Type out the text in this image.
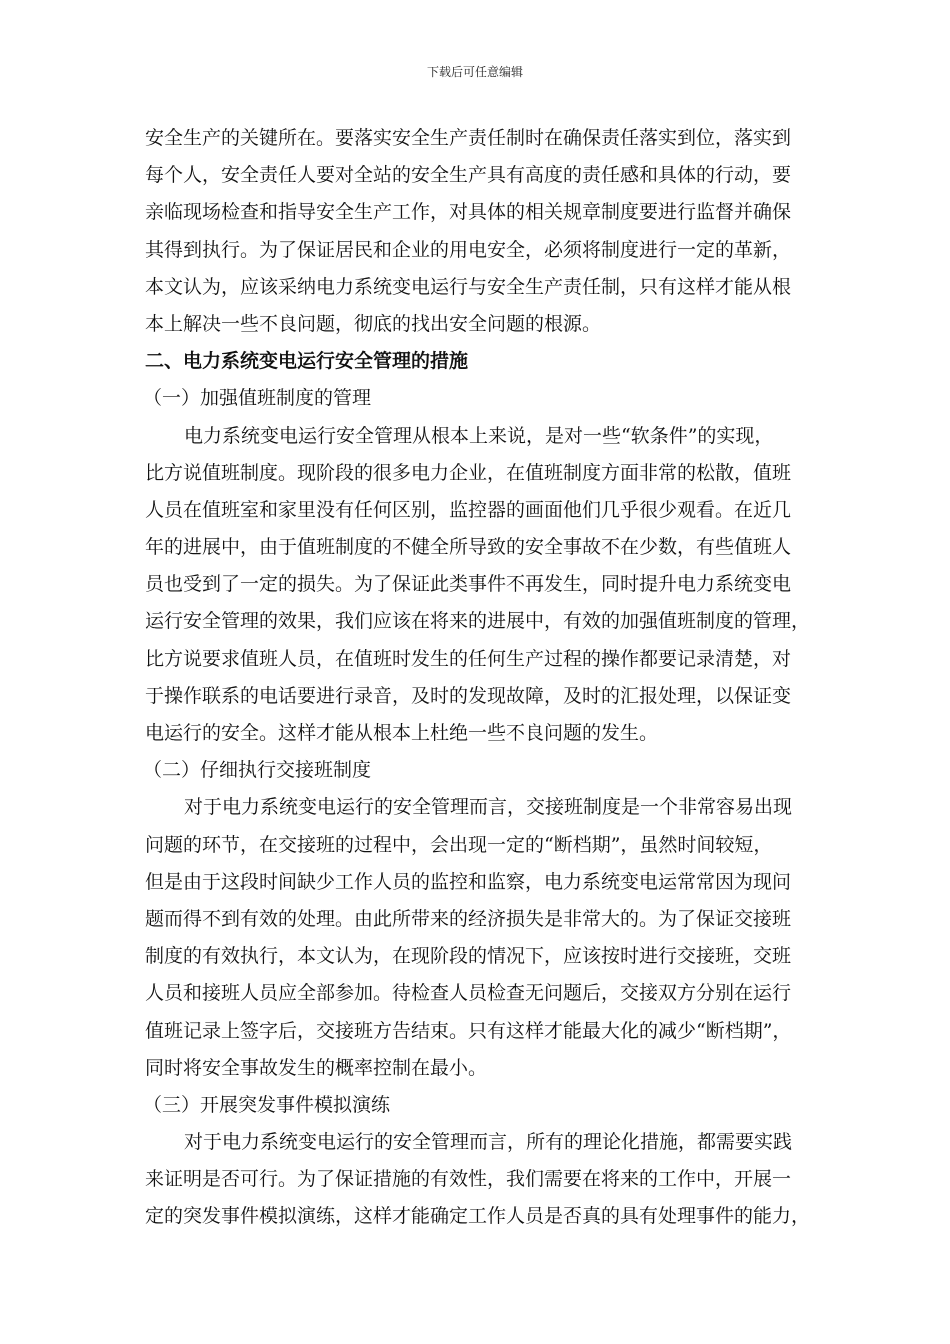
下载后可任意编辑
安全生产的关键所在。要落实安全生产责任制时在确保责任落实到位，落实到
每个人，安全责任人要对全站的安全生产具有高度的责任感和具体的行动，要
亲临现场检查和指导安全生产工作，对具体的相关规章制度要进行监督并确保
其得到执行。为了保证居民和企业的用电安全，必须将制度进行一定的革新，
本文认为，应该采纳电力系统变电运行与安全生产责任制，只有这样才能从根
本上解决一些不良问题，彻底的找出安全问题的根源。
二、电力系统变电运行安全管理的措施
（一）加强值班制度的管理
电力系统变电运行安全管理从根本上来说，是对一些“软条件”的实现，
比方说值班制度。现阶段的很多电力企业，在值班制度方面非常的松散，值班
人员在值班室和家里没有任何区别，监控器的画面他们几乎很少观看。在近几
年的进展中，由于值班制度的不健全所导致的安全事故不在少数，有些值班人
员也受到了一定的损失。为了保证此类事件不再发生，同时提升电力系统变电
运行安全管理的效果，我们应该在将来的进展中，有效的加强值班制度的管理，
比方说要求值班人员，在值班时发生的任何生产过程的操作都要记录清楚，对
于操作联系的电话要进行录音，及时的发现故障，及时的汇报处理，以保证变
电运行的安全。这样才能从根本上杜绝一些不良问题的发生。
（二）仔细执行交接班制度
对于电力系统变电运行的安全管理而言，交接班制度是一个非常容易出现
问题的环节，在交接班的过程中，会出现一定的“断档期”，虽然时间较短，
但是由于这段时间缺少工作人员的监控和监察，电力系统变电运常常因为现问
题而得不到有效的处理。由此所带来的经济损失是非常大的。为了保证交接班
制度的有效执行，本文认为，在现阶段的情况下，应该按时进行交接班，交班
人员和接班人员应全部参加。待检查人员检查无问题后，交接双方分别在运行
值班记录上签字后，交接班方告结束。只有这样才能最大化的减少“断档期”，
同时将安全事故发生的概率控制在最小。
（三）开展突发事件模拟演练
对于电力系统变电运行的安全管理而言，所有的理论化措施，都需要实践
来证明是否可行。为了保证措施的有效性，我们需要在将来的工作中，开展一
定的突发事件模拟演练，这样才能确定工作人员是否真的具有处理事件的能力，
